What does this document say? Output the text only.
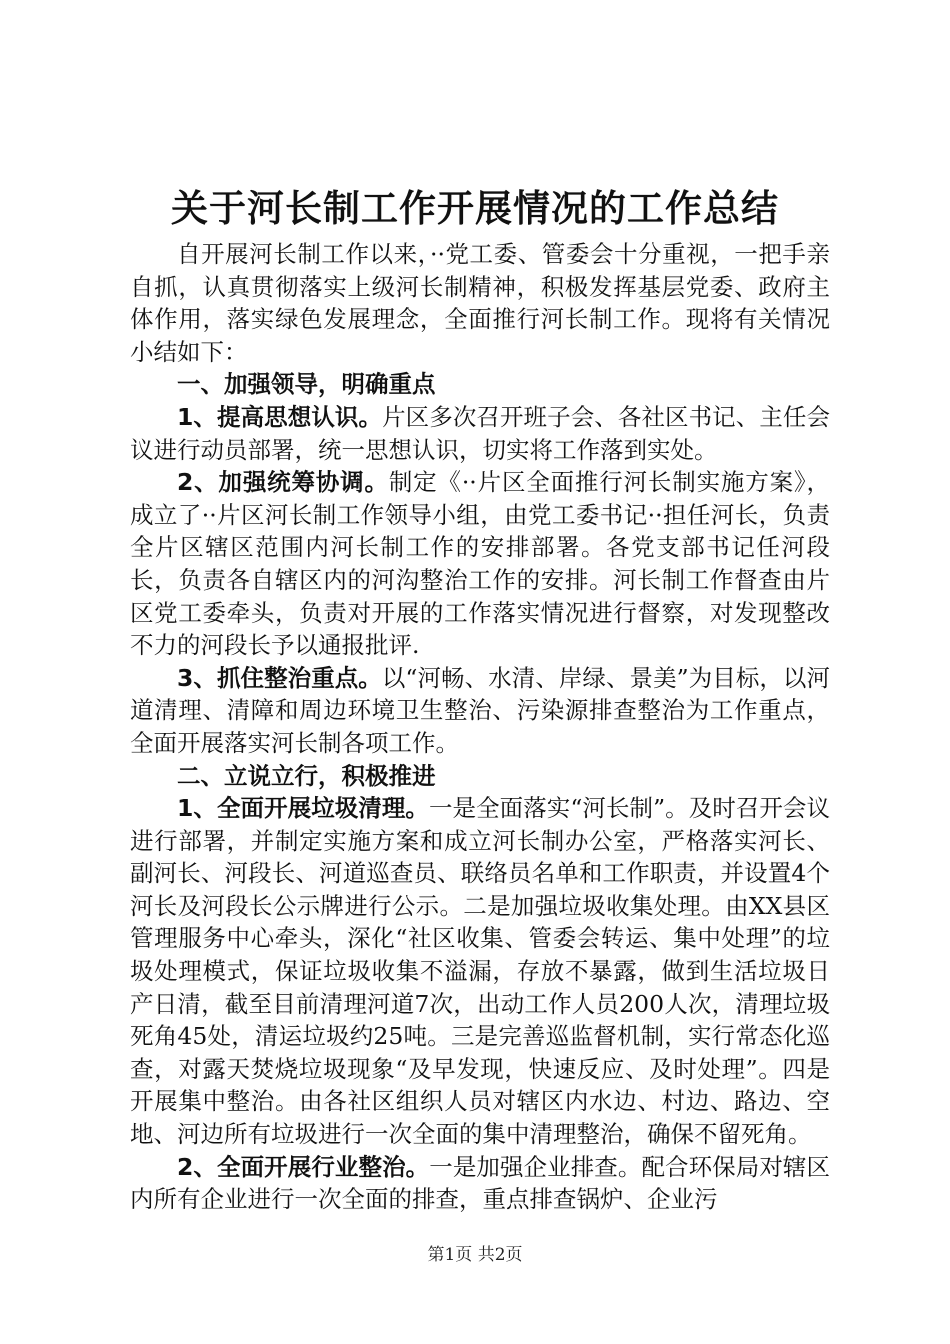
关于河长制工作开展情况的工作总结

自开展河长制工作以来，··党工委、管委会十分重视，一把手亲自抓，认真贯彻落实上级河长制精神，积极发挥基层党委、政府主体作用，落实绿色发展理念，全面推行河长制工作。现将有关情况小结如下：

一、加强领导，明确重点

1、提高思想认识。片区多次召开班子会、各社区书记、主任会议进行动员部署，统一思想认识，切实将工作落到实处。

2、加强统筹协调。制定《··片区全面推行河长制实施方案》，成立了··片区河长制工作领导小组，由党工委书记··担任河长，负责全片区辖区范围内河长制工作的安排部署。各党支部书记任河段长，负责各自辖区内的河沟整治工作的安排。河长制工作督查由片区党工委牵头，负责对开展的工作落实情况进行督察，对发现整改不力的河段长予以通报批评.

3、抓住整治重点。以“河畅、水清、岸绿、景美”为目标，以河道清理、清障和周边环境卫生整治、污染源排查整治为工作重点，全面开展落实河长制各项工作。

二、立说立行，积极推进

1、全面开展垃圾清理。一是全面落实“河长制”。及时召开会议进行部署，并制定实施方案和成立河长制办公室，严格落实河长、副河长、河段长、河道巡查员、联络员名单和工作职责，并设置4个河长及河段长公示牌进行公示。二是加强垃圾收集处理。由XX县区管理服务中心牵头，深化“社区收集、管委会转运、集中处理”的垃圾处理模式，保证垃圾收集不溢漏，存放不暴露，做到生活垃圾日产日清，截至目前清理河道7次，出动工作人员200人次，清理垃圾死角45处，清运垃圾约25吨。三是完善巡监督机制，实行常态化巡查，对露天焚烧垃圾现象“及早发现，快速反应、及时处理”。四是开展集中整治。由各社区组织人员对辖区内水边、村边、路边、空地、河边所有垃圾进行一次全面的集中清理整治，确保不留死角。

2、全面开展行业整治。一是加强企业排查。配合环保局对辖区内所有企业进行一次全面的排查，重点排查锅炉、企业污

第1页 共2页
